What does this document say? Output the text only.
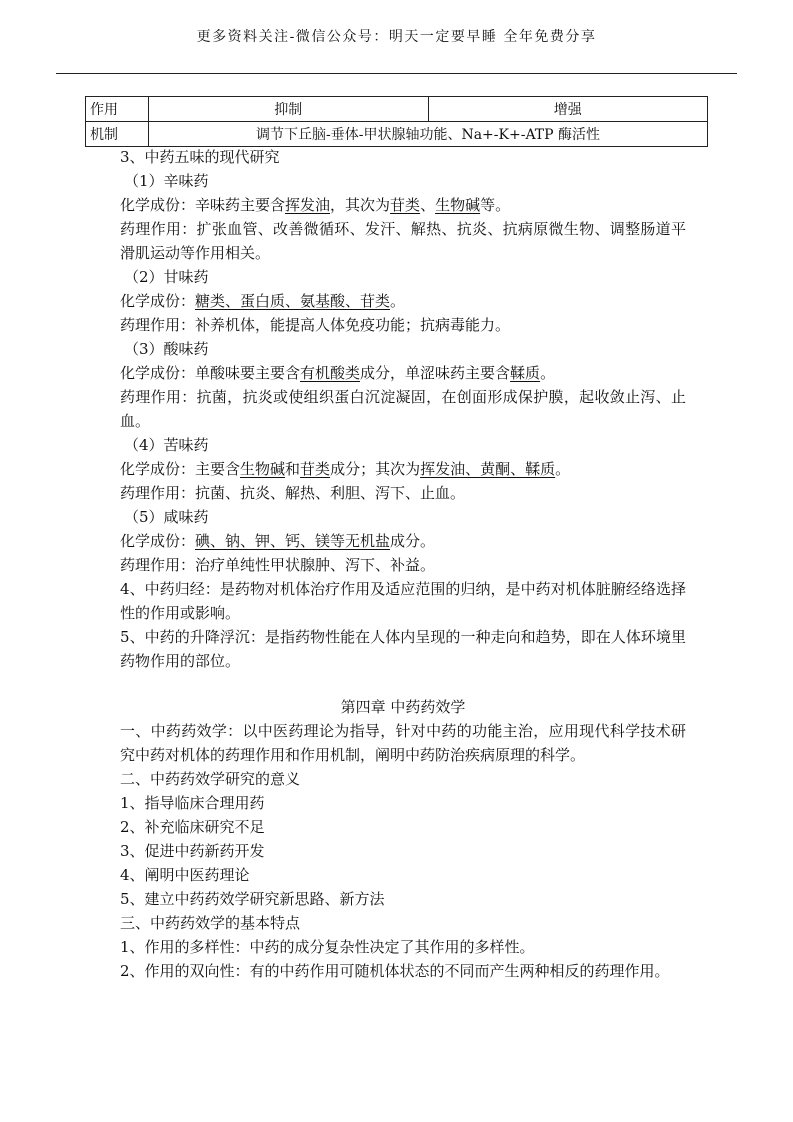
更多资料关注-微信公众号：明天一定要早睡 全年免费分享
作用	抑制	增强
机制	调节下丘脑-垂体-甲状腺轴功能、Na+-K+-ATP 酶活性	

3、中药五味的现代研究

（1）辛味药

化学成份：辛味药主要含挥发油，其次为苷类、生物碱等。

药理作用：扩张血管、改善微循环、发汗、解热、抗炎、抗病原微生物、调整肠道平滑肌运动等作用相关。

（2）甘味药

化学成份：糖类、蛋白质、氨基酸、苷类。

药理作用：补养机体，能提高人体免疫功能；抗病毒能力。

（3）酸味药

化学成份：单酸味要主要含有机酸类成分，单涩味药主要含鞣质。

药理作用：抗菌，抗炎或使组织蛋白沉淀凝固，在创面形成保护膜，起收敛止泻、止血。

（4）苦味药

化学成份：主要含生物碱和苷类成分；其次为挥发油、黄酮、鞣质。

药理作用：抗菌、抗炎、解热、利胆、泻下、止血。

（5）咸味药

化学成份：碘、钠、钾、钙、镁等无机盐成分。

药理作用：治疗单纯性甲状腺肿、泻下、补益。

4、中药归经：是药物对机体治疗作用及适应范围的归纳，是中药对机体脏腑经络选择性的作用或影响。

5、中药的升降浮沉：是指药物性能在人体内呈现的一种走向和趋势，即在人体环境里药物作用的部位。

第四章 中药药效学

一、中药药效学：以中医药理论为指导，针对中药的功能主治，应用现代科学技术研究中药对机体的药理作用和作用机制，阐明中药防治疾病原理的科学。

二、中药药效学研究的意义

1、指导临床合理用药

2、补充临床研究不足

3、促进中药新药开发

4、阐明中医药理论

5、建立中药药效学研究新思路、新方法

三、中药药效学的基本特点

1、作用的多样性：中药的成分复杂性决定了其作用的多样性。

2、作用的双向性：有的中药作用可随机体状态的不同而产生两种相反的药理作用。
